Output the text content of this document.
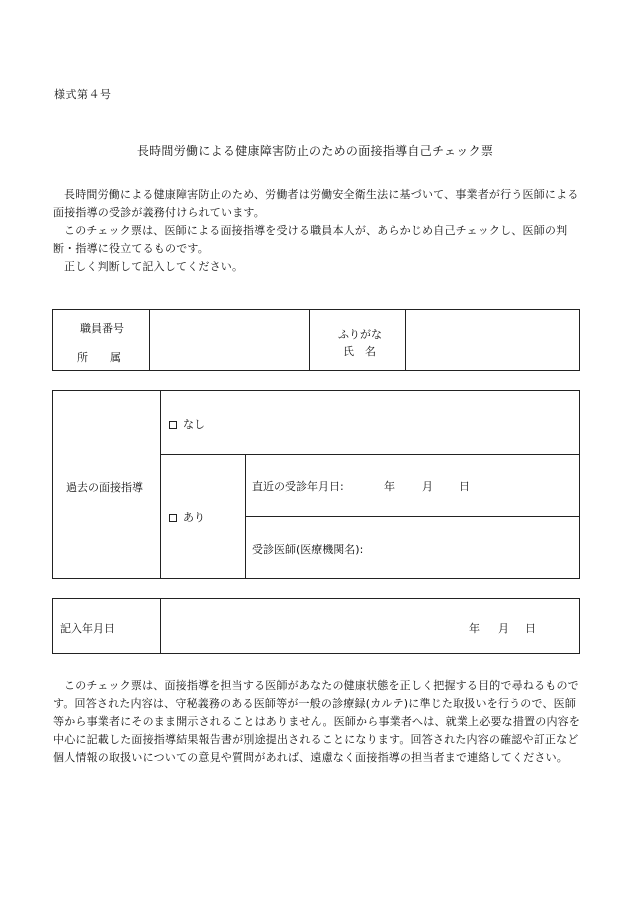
様式第４号
長時間労働による健康障害防止のための面接指導自己チェック票

長時間労働による健康障害防止のため、労働者は労働安全衛生法に基づいて、事業者が行う医師による面接指導の受診が義務付けられています。

このチェック票は、医師による面接指導を受ける職員本人が、あらかじめ自己チェックし、医師の判断・指導に役立てるものです。

正しく判断して記入してください。

職員番号
所　　属
ふりがな
氏　名
過去の面接指導
なし
あり
直近の受診年月日:	年 月 日
受診医師(医療機関名):
記入年月日	年 月 日

このチェック票は、面接指導を担当する医師があなたの健康状態を正しく把握する目的で尋ねるものです。回答された内容は、守秘義務のある医師等が一般の診療録(カルテ)に準じた取扱いを行うので、医師等から事業者にそのまま開示されることはありません。医師から事業者へは、就業上必要な措置の内容を中心に記載した面接指導結果報告書が別途提出されることになります。回答された内容の確認や訂正など個人情報の取扱いについての意見や質問があれば、遠慮なく面接指導の担当者まで連絡してください。
